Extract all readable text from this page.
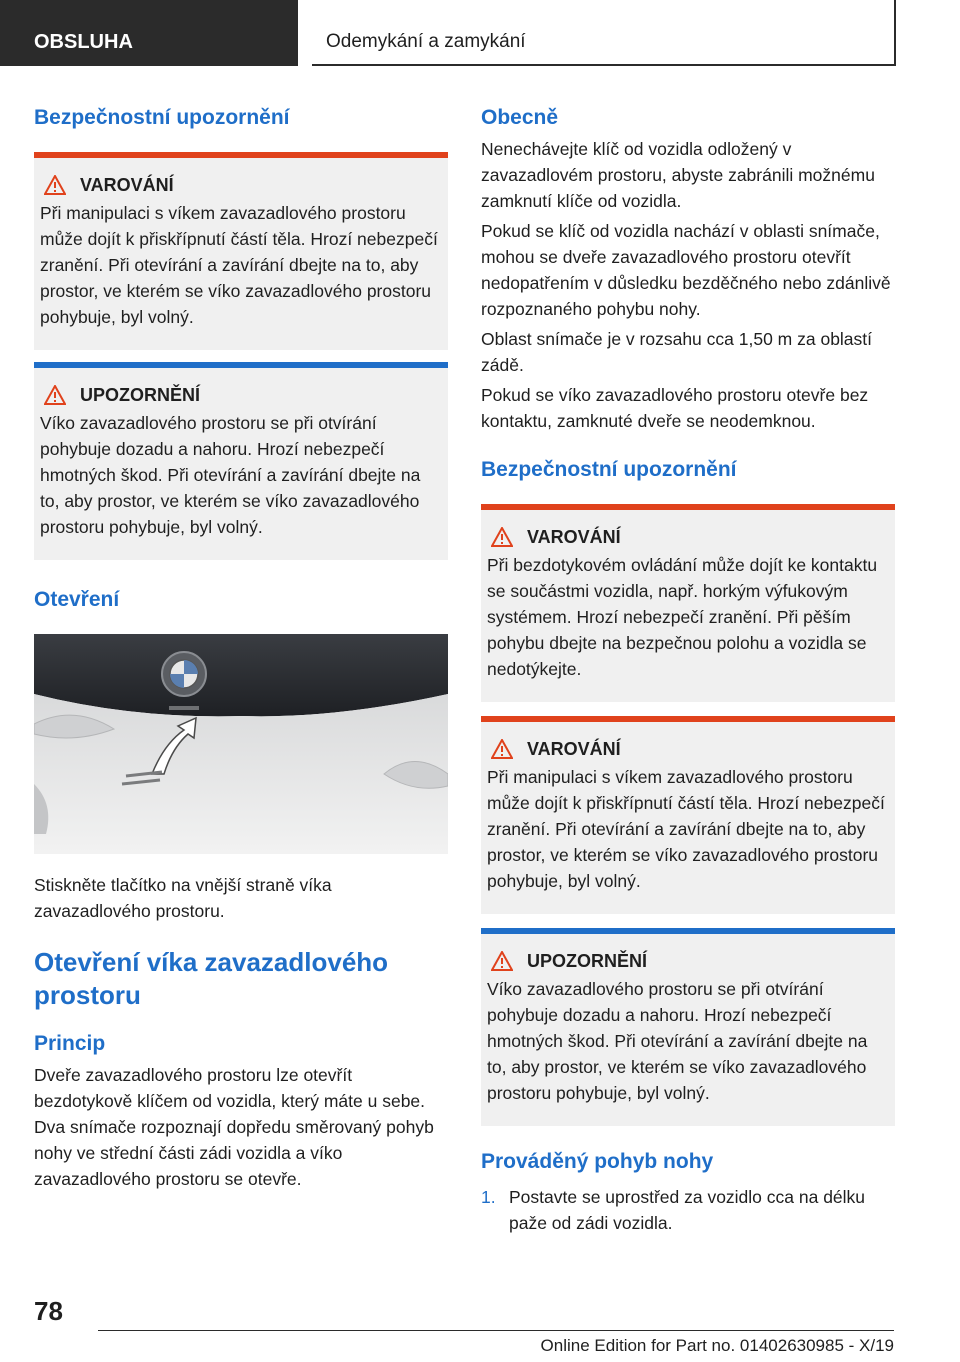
OBSLUHA	Odemykání a zamykání
Bezpečnostní upozornění
VAROVÁNÍ

Při manipulaci s víkem zavazadlového prostoru může dojít k přiskřípnutí částí těla. Hrozí nebezpečí zranění. Při otevírání a zavírání dbejte na to, aby prostor, ve kterém se víko zavazadlového prostoru pohybuje, byl volný.

UPOZORNĚNÍ

Víko zavazadlového prostoru se při otvírání pohybuje dozadu a nahoru. Hrozí nebezpečí hmotných škod. Při otevírání a zavírání dbejte na to, aby prostor, ve kterém se víko zavazadlového prostoru pohybuje, byl volný.

Otevření

Stiskněte tlačítko na vnější straně víka zavazadlového prostoru.

Otevření víka zavazadlového prostoru
Princip

Dveře zavazadlového prostoru lze otevřít bezdotykově klíčem od vozidla, který máte u sebe. Dva snímače rozpoznají dopředu směrovaný pohyb nohy ve střední části zádi vozidla a víko zavazadlového prostoru se otevře.

Obecně

Nenechávejte klíč od vozidla odložený v zavazadlovém prostoru, abyste zabránili možnému zamknutí klíče od vozidla.

Pokud se klíč od vozidla nachází v oblasti snímače, mohou se dveře zavazadlového prostoru otevřít nedopatřením v důsledku bezděčného nebo zdánlivě rozpoznaného pohybu nohy.

Oblast snímače je v rozsahu cca 1,50 m za oblastí zádě.

Pokud se víko zavazadlového prostoru otevře bez kontaktu, zamknuté dveře se neodemknou.

Bezpečnostní upozornění
VAROVÁNÍ

Při bezdotykovém ovládání může dojít ke kontaktu se součástmi vozidla, např. horkým výfukovým systémem. Hrozí nebezpečí zranění. Při pěším pohybu dbejte na bezpečnou polohu a vozidla se nedotýkejte.

VAROVÁNÍ

Při manipulaci s víkem zavazadlového prostoru může dojít k přiskřípnutí částí těla. Hrozí nebezpečí zranění. Při otevírání a zavírání dbejte na to, aby prostor, ve kterém se víko zavazadlového prostoru pohybuje, byl volný.

UPOZORNĚNÍ

Víko zavazadlového prostoru se při otvírání pohybuje dozadu a nahoru. Hrozí nebezpečí hmotných škod. Při otevírání a zavírání dbejte na to, aby prostor, ve kterém se víko zavazadlového prostoru pohybuje, byl volný.

Prováděný pohyb nohy
1. Postavte se uprostřed za vozidlo cca na délku paže od zádi vozidla.
78
Online Edition for Part no. 01402630985 - X/19
